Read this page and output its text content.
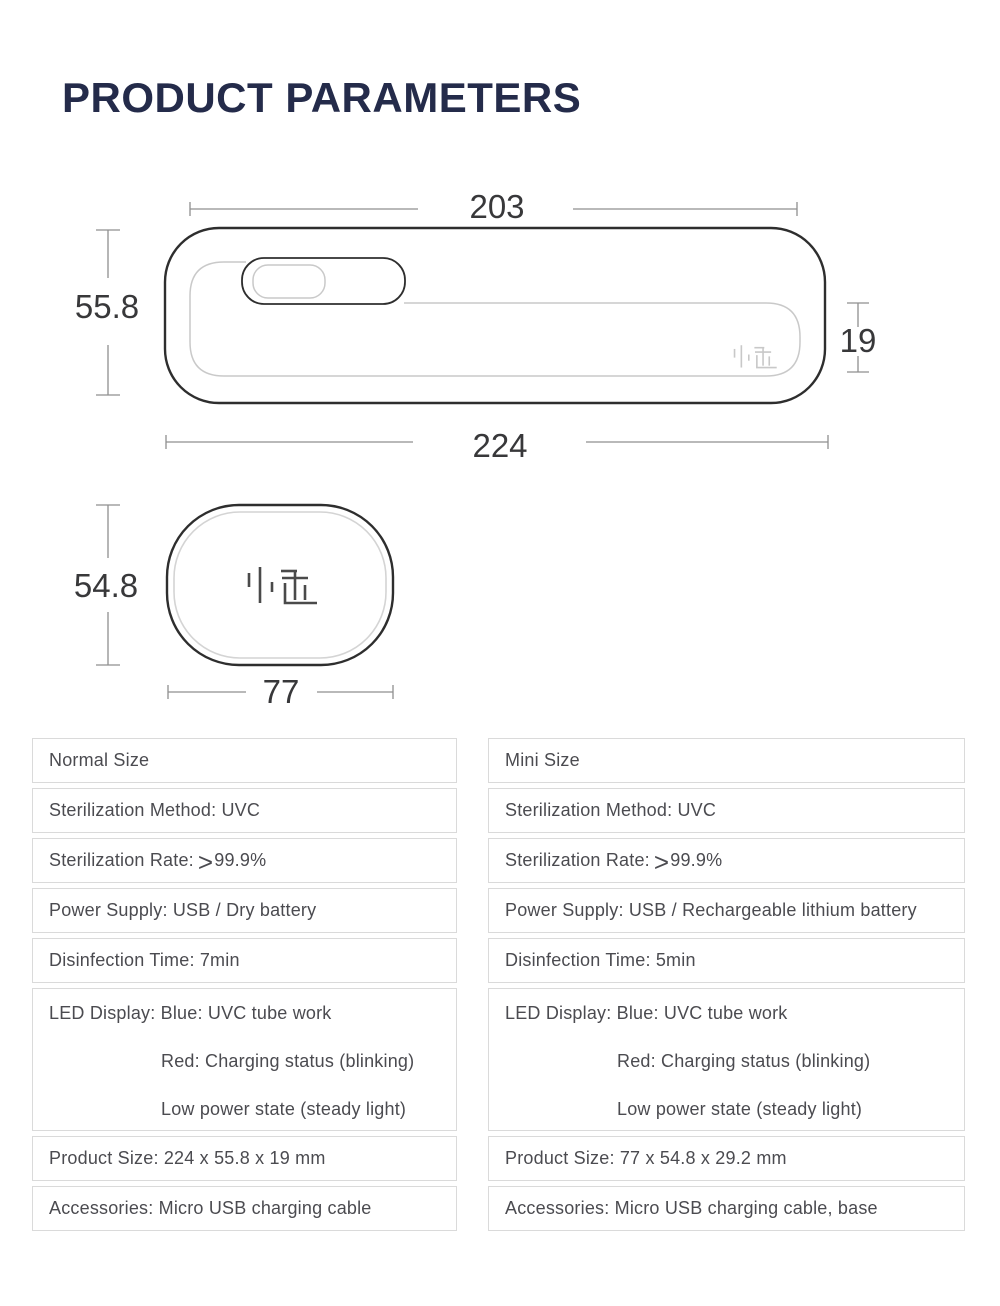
PRODUCT PARAMETERS
203
55.8
19
224
54.8
77
Normal Size
Sterilization Method: UVC
Sterilization Rate: > 99.9%
Power Supply: USB / Dry battery
Disinfection Time: 7min
LED Display: Blue: UVC tube work
Red: Charging status (blinking)
Low power state (steady light)
Product Size: 224 x 55.8 x 19 mm
Accessories: Micro USB charging cable
Mini Size
Sterilization Method: UVC
Sterilization Rate: > 99.9%
Power Supply: USB / Rechargeable lithium battery
Disinfection Time: 5min
LED Display: Blue: UVC tube work
Red: Charging status (blinking)
Low power state (steady light)
Product Size: 77 x 54.8 x 29.2 mm
Accessories: Micro USB charging cable, base
